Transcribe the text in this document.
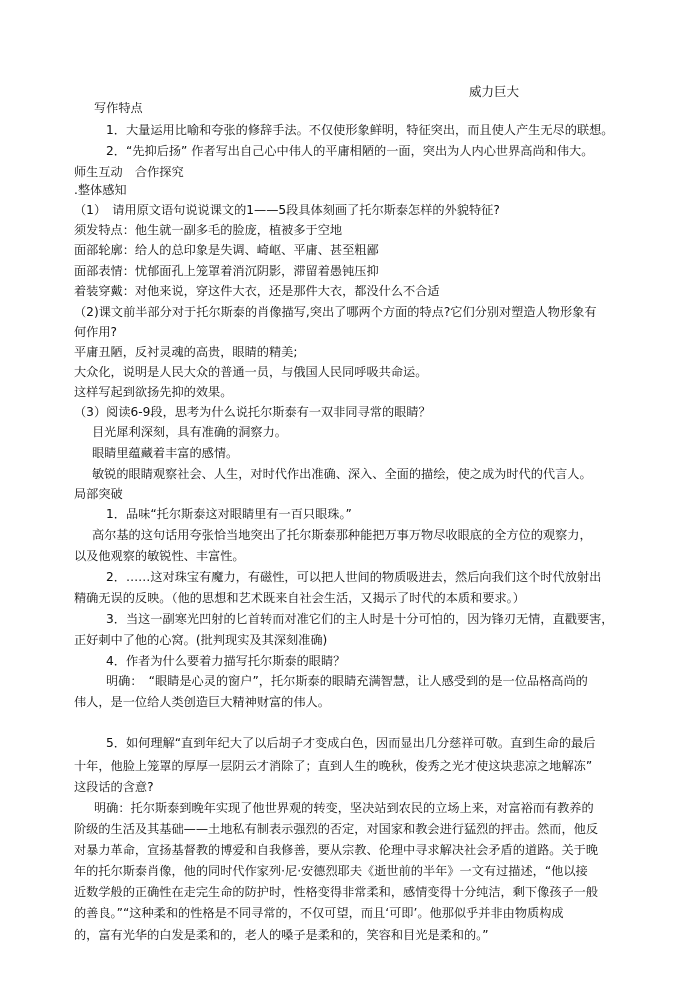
威力巨大
写作特点
1．大量运用比喻和夸张的修辞手法。不仅使形象鲜明，特征突出，而且使人产生无尽的联想。
2．“先抑后扬” 作者写出自己心中伟人的平庸相陋的一面，突出为人内心世界高尚和伟大。
师生互动　合作探究
.整体感知
（1）　请用原文语句说说课文的1——5段具体刻画了托尔斯泰怎样的外貌特征?
须发特点：他生就一副多毛的脸庞，植被多于空地
面部轮廓：给人的总印象是失调、崎岖、平庸、甚至粗鄙
面部表情：忧郁面孔上笼罩着消沉阴影，滞留着愚钝压抑
着装穿戴：对他来说，穿这件大衣，还是那件大衣，都没什么不合适
（2)课文前半部分对于托尔斯泰的肖像描写,突出了哪两个方面的特点?它们分别对塑造人物形象有
何作用?
平庸丑陋，反衬灵魂的高贵，眼睛的精美;
大众化，说明是人民大众的普通一员，与俄国人民同呼吸共命运。
这样写起到欲扬先抑的效果。
（3）阅读6-9段，思考为什么说托尔斯泰有一双非同寻常的眼睛？
目光犀利深刻，具有准确的洞察力。
眼睛里蕴藏着丰富的感情。
敏锐的眼睛观察社会、人生，对时代作出准确、深入、全面的描绘，使之成为时代的代言人。
局部突破
1．品味“托尔斯泰这对眼睛里有一百只眼珠。”
高尔基的这句话用夸张恰当地突出了托尔斯泰那种能把万事万物尽收眼底的全方位的观察力，
以及他观察的敏锐性、丰富性。
2．……这对珠宝有魔力，有磁性，可以把人世间的物质吸进去，然后向我们这个时代放射出
精确无误的反映。（他的思想和艺术既来自社会生活，又揭示了时代的本质和要求。）
3．当这一副寒光凹射的匕首转而对准它们的主人时是十分可怕的，因为锋刃无情，直戳要害，
正好刺中了他的心窝。(批判现实及其深刻准确)
4．作者为什么要着力描写托尔斯泰的眼睛？
明确：　“眼睛是心灵的窗户”，托尔斯泰的眼睛充满智慧，让人感受到的是一位品格高尚的
伟人，是一位给人类创造巨大精神财富的伟人。
5．如何理解“直到年纪大了以后胡子才变成白色，因而显出几分慈祥可敬。直到生命的最后
十年，他脸上笼罩的厚厚一层阴云才消除了；直到人生的晚秋，俊秀之光才使这块悲凉之地解冻”
这段话的含意?
明确：托尔斯泰到晚年实现了他世界观的转变，坚决站到农民的立场上来，对富裕而有教养的
阶级的生活及其基础——土地私有制表示强烈的否定，对国家和教会进行猛烈的抨击。然而，他反
对暴力革命，宣扬基督教的博爱和自我修善，要从宗教、伦理中寻求解决社会矛盾的道路。关于晚
年的托尔斯泰肖像，他的同时代作家列·尼·安德烈耶夫《逝世前的半年》一文有过描述，“他以接
近数学般的正确性在走完生命的防护时，性格变得非常柔和，感情变得十分纯洁，剩下像孩子一般
的善良。”“这种柔和的性格是不同寻常的，不仅可望，而且‘可即’。他那似乎并非由物质构成
的，富有光华的白发是柔和的，老人的嗓子是柔和的，笑容和目光是柔和的。”
